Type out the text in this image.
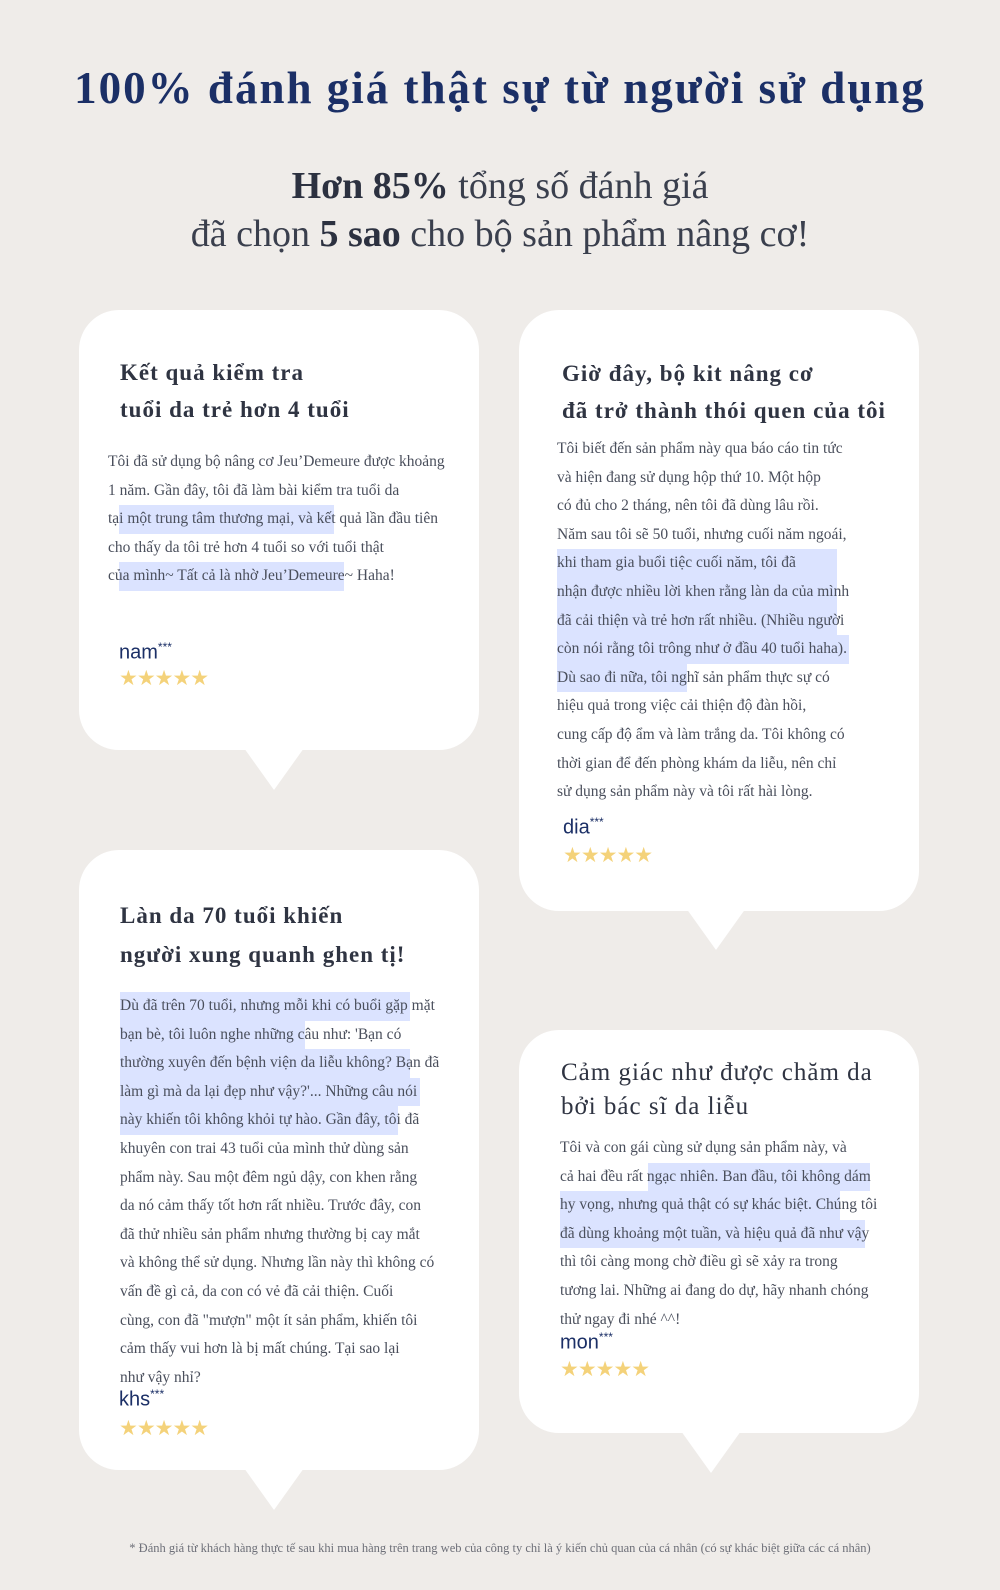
100% đánh giá thật sự từ người sử dụng
Hơn 85% tổng số đánh giá
đã chọn 5 sao cho bộ sản phẩm nâng cơ!
Kết quả kiểm tra
tuổi da trẻ hơn 4 tuổi
Tôi đã sử dụng bộ nâng cơ Jeu’Demeure được khoảng
1 năm. Gần đây, tôi đã làm bài kiểm tra tuổi da
tại một trung tâm thương mại, và kết quả lần đầu tiên
cho thấy da tôi trẻ hơn 4 tuổi so với tuổi thật
của mình~ Tất cả là nhờ Jeu’Demeure~ Haha!
nam***
★★★★★
Giờ đây, bộ kit nâng cơ
đã trở thành thói quen của tôi
Tôi biết đến sản phẩm này qua báo cáo tin tức
và hiện đang sử dụng hộp thứ 10. Một hộp
có đủ cho 2 tháng, nên tôi đã dùng lâu rồi.
Năm sau tôi sẽ 50 tuổi, nhưng cuối năm ngoái,
khi tham gia buổi tiệc cuối năm, tôi đã
nhận được nhiều lời khen rằng làn da của mình
đã cải thiện và trẻ hơn rất nhiều. (Nhiều người
còn nói rằng tôi trông như ở đầu 40 tuổi haha).
Dù sao đi nữa, tôi nghĩ sản phẩm thực sự có
hiệu quả trong việc cải thiện độ đàn hồi,
cung cấp độ ẩm và làm trắng da. Tôi không có
thời gian để đến phòng khám da liễu, nên chỉ
sử dụng sản phẩm này và tôi rất hài lòng.
dia***
★★★★★
Làn da 70 tuổi khiến
người xung quanh ghen tị!
Dù đã trên 70 tuổi, nhưng mỗi khi có buổi gặp mặt
bạn bè, tôi luôn nghe những câu như: 'Bạn có
thường xuyên đến bệnh viện da liễu không? Bạn đã
làm gì mà da lại đẹp như vậy?'... Những câu nói
này khiến tôi không khỏi tự hào. Gần đây, tôi đã
khuyên con trai 43 tuổi của mình thử dùng sản
phẩm này. Sau một đêm ngủ dậy, con khen rằng
da nó cảm thấy tốt hơn rất nhiều. Trước đây, con
đã thử nhiều sản phẩm nhưng thường bị cay mắt
và không thể sử dụng. Nhưng lần này thì không có
vấn đề gì cả, da con có vẻ đã cải thiện. Cuối
cùng, con đã "mượn" một ít sản phẩm, khiến tôi
cảm thấy vui hơn là bị mất chúng. Tại sao lại
như vậy nhỉ?
khs***
★★★★★
Cảm giác như được chăm da
bởi bác sĩ da liễu
Tôi và con gái cùng sử dụng sản phẩm này, và
cả hai đều rất ngạc nhiên. Ban đầu, tôi không dám
hy vọng, nhưng quả thật có sự khác biệt. Chúng tôi
đã dùng khoảng một tuần, và hiệu quả đã như vậy
thì tôi càng mong chờ điều gì sẽ xảy ra trong
tương lai. Những ai đang do dự, hãy nhanh chóng
thử ngay đi nhé ^^!
mon***
★★★★★
* Đánh giá từ khách hàng thực tế sau khi mua hàng trên trang web của công ty chỉ là ý kiến chủ quan của cá nhân (có sự khác biệt giữa các cá nhân)
